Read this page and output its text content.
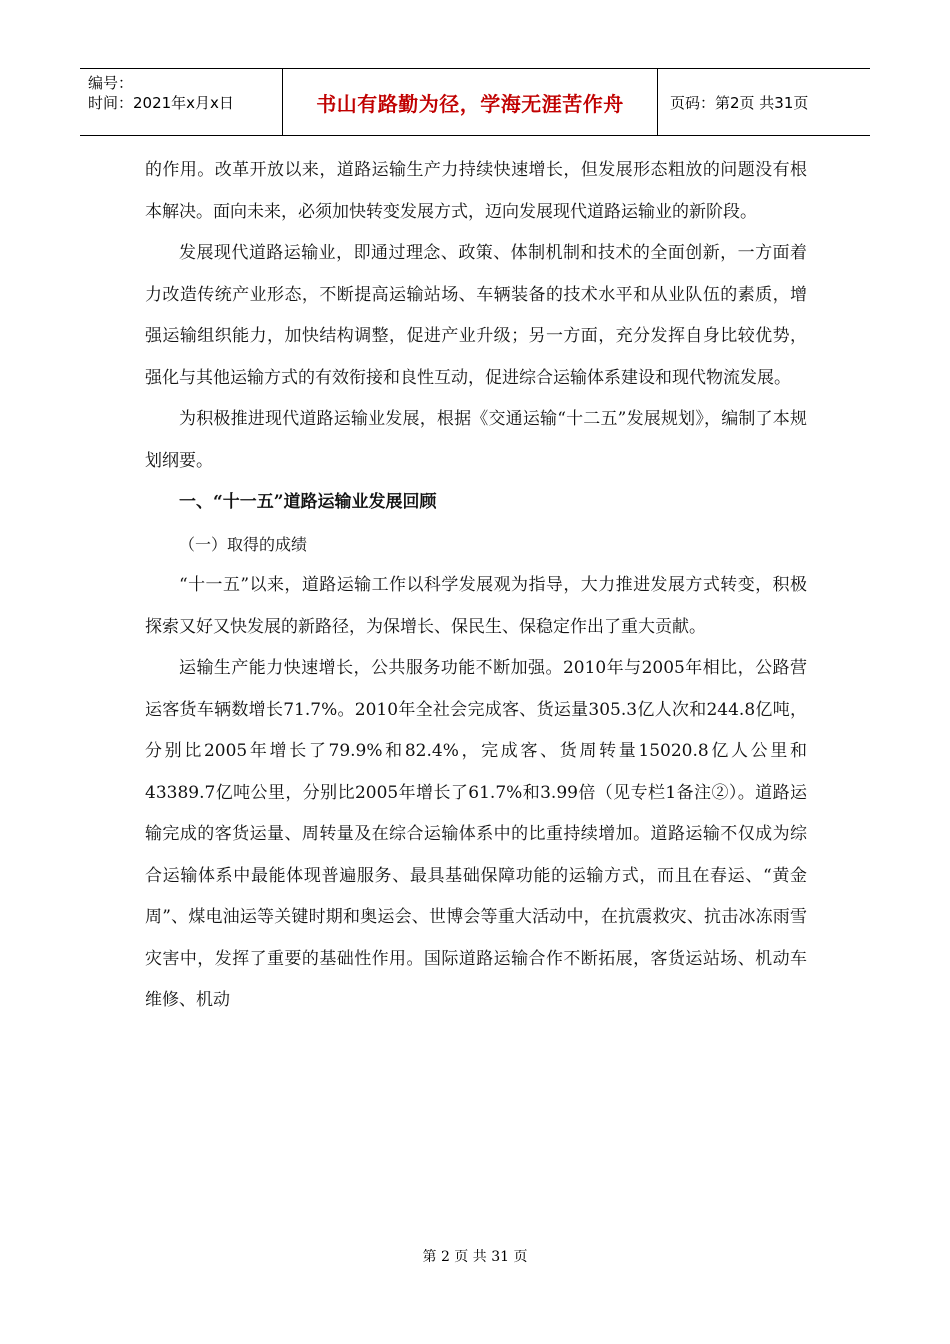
编号：
时间：2021年x月x日	书山有路勤为径，学海无涯苦作舟	页码：第2页 共31页

的作用。改革开放以来，道路运输生产力持续快速增长，但发展形态粗放的问题没有根本解决。面向未来，必须加快转变发展方式，迈向发展现代道路运输业的新阶段。

发展现代道路运输业，即通过理念、政策、体制机制和技术的全面创新，一方面着力改造传统产业形态，不断提高运输站场、车辆装备的技术水平和从业队伍的素质，增强运输组织能力，加快结构调整，促进产业升级；另一方面，充分发挥自身比较优势，强化与其他运输方式的有效衔接和良性互动，促进综合运输体系建设和现代物流发展。

为积极推进现代道路运输业发展，根据《交通运输“十二五”发展规划》，编制了本规划纲要。

一、“十一五”道路运输业发展回顾

（一）取得的成绩

“十一五”以来，道路运输工作以科学发展观为指导，大力推进发展方式转变，积极探索又好又快发展的新路径，为保增长、保民生、保稳定作出了重大贡献。

运输生产能力快速增长，公共服务功能不断加强。2010年与2005年相比，公路营运客货车辆数增长71.7%。2010年全社会完成客、货运量305.3亿人次和244.8亿吨，分别比2005年增长了79.9%和82.4%，完成客、货周转量15020.8亿人公里和43389.7亿吨公里，分别比2005年增长了61.7%和3.99倍（见专栏1备注②）。道路运输完成的客货运量、周转量及在综合运输体系中的比重持续增加。道路运输不仅成为综合运输体系中最能体现普遍服务、最具基础保障功能的运输方式，而且在春运、“黄金周”、煤电油运等关键时期和奥运会、世博会等重大活动中，在抗震救灾、抗击冰冻雨雪灾害中，发挥了重要的基础性作用。国际道路运输合作不断拓展，客货运站场、机动车维修、机动

第 2 页 共 31 页
